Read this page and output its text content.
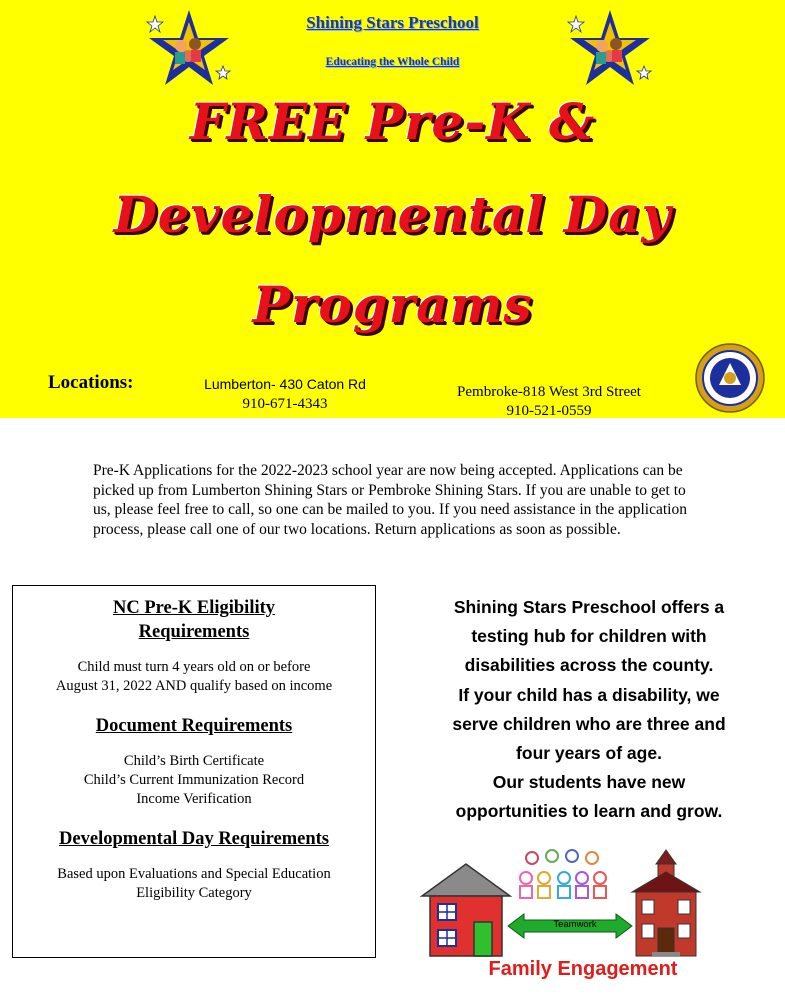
Shining Stars Preschool
Educating the Whole Child
FREE Pre-K &
Developmental Day
Programs
Locations:	Lumberton- 430 Caton Rd
910-671-4343
Pembroke-818 West 3rd Street
910-521-0559

Pre-K Applications for the 2022-2023 school year are now being accepted. Applications can be picked up from Lumberton Shining Stars or Pembroke Shining Stars. If you are unable to get to us, please feel free to call, so one can be mailed to you. If you need assistance in the application process, please call one of our two locations. Return applications as soon as possible.

NC Pre-K Eligibility
Requirements
Child must turn 4 years old on or before
August 31, 2022 AND qualify based on income
Document Requirements
Child’s Birth Certificate
Child’s Current Immunization Record
Income Verification
Developmental Day Requirements
Based upon Evaluations and Special Education
Eligibility Category
Shining Stars Preschool offers a
testing hub for children with
disabilities across the county.
If your child has a disability, we
serve children who are three and
four years of age.
Our students have new
opportunities to learn and grow.
Teamwork
Family Engagement
